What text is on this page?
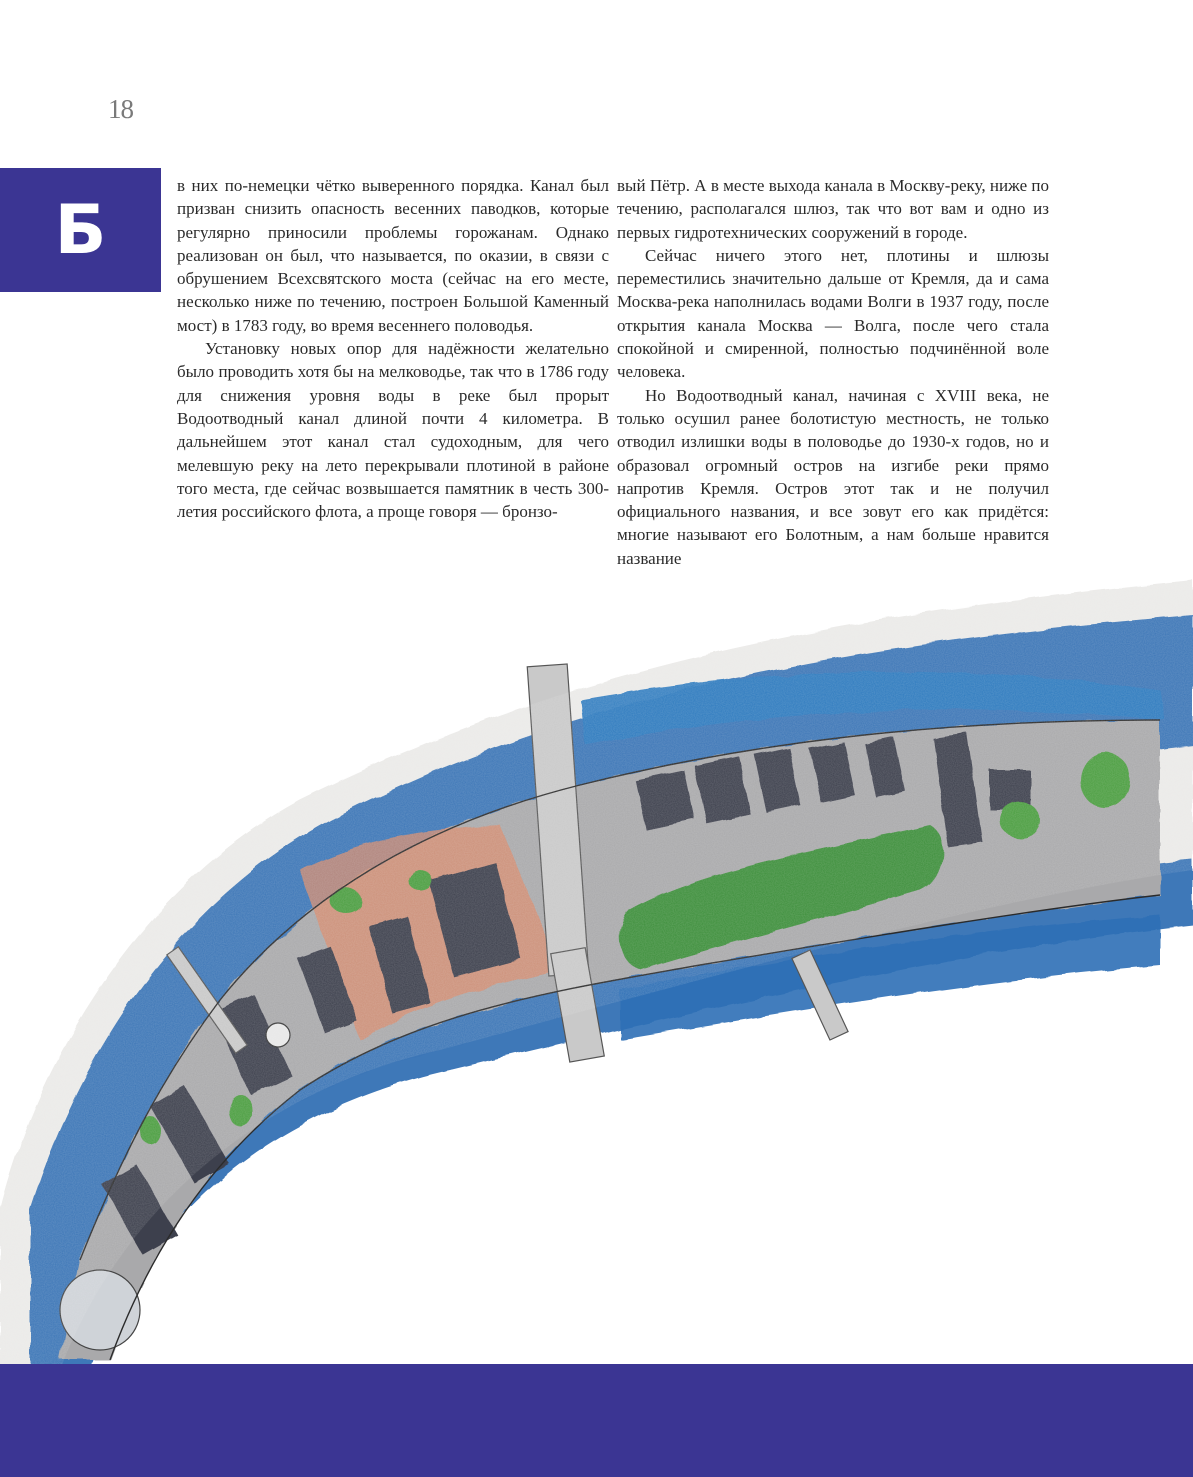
18
Б

в них по-немецки чётко выверенного порядка. Канал был призван снизить опасность весенних паводков, которые регулярно приносили проблемы горожанам. Однако реализован он был, что называется, по оказии, в связи с обрушением Всехсвятского моста (сейчас на его месте, несколько ниже по течению, построен Большой Каменный мост) в 1783 году, во время весеннего половодья.

Установку новых опор для надёжности желательно было проводить хотя бы на мелководье, так что в 1786 году для снижения уровня воды в реке был прорыт Водоотводный канал длиной почти 4 километра. В дальнейшем этот канал стал судоходным, для чего мелевшую реку на лето перекрывали плотиной в районе того места, где сейчас возвышается памятник в честь 300-летия российского флота, а проще говоря — бронзо-

вый Пётр. А в месте выхода канала в Москву-реку, ниже по течению, располагался шлюз, так что вот вам и одно из первых гидротехнических сооружений в городе.

Сейчас ничего этого нет, плотины и шлюзы переместились значительно дальше от Кремля, да и сама Москва-река наполнилась водами Волги в 1937 году, после открытия канала Москва — Волга, после чего стала спокойной и смиренной, полностью подчинённой воле человека.

Но Водоотводный канал, начиная с XVIII века, не только осушил ранее болотистую местность, не только отводил излишки воды в половодье до 1930-х годов, но и образовал огромный остров на изгибе реки прямо напротив Кремля. Остров этот так и не получил официального названия, и все зовут его как придётся: многие называют его Болотным, а нам больше нравится название
